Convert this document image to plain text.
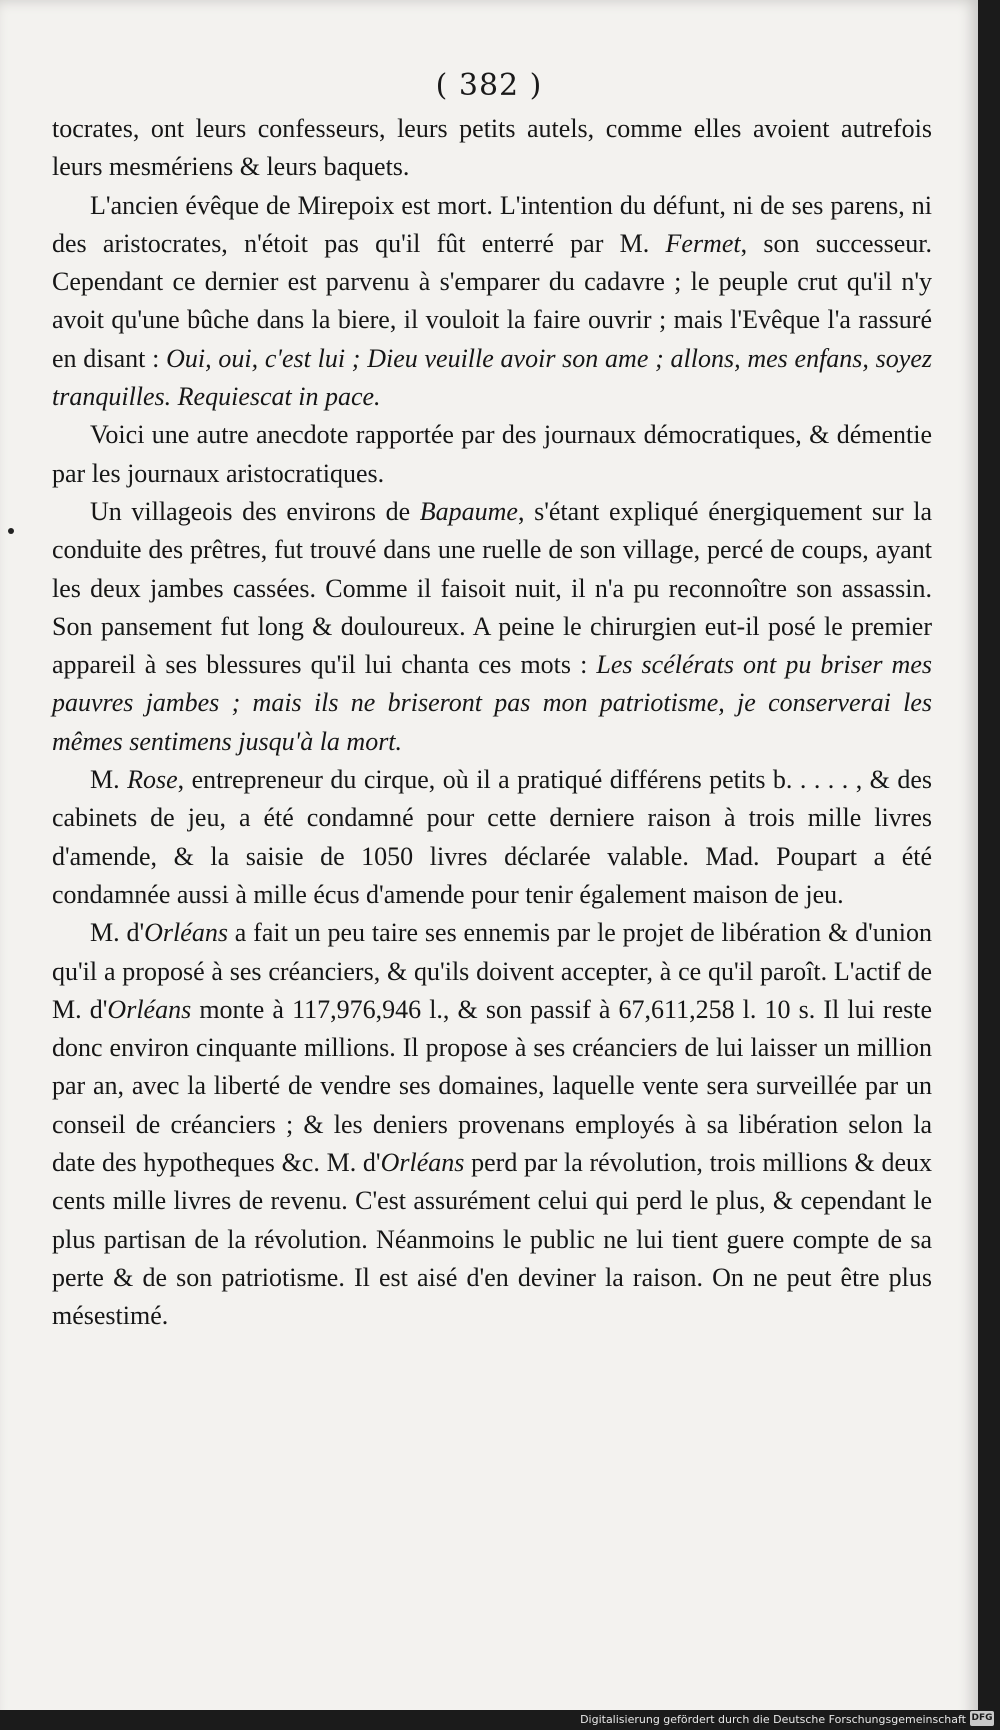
( 382 )

tocrates, ont leurs confesseurs, leurs petits autels, comme elles avoient autrefois leurs mesmériens & leurs baquets.

L'ancien évêque de Mirepoix est mort. L'intention du défunt, ni de ses parens, ni des aristocrates, n'étoit pas qu'il fût enterré par M. Fermet, son successeur. Cependant ce dernier est parvenu à s'emparer du cadavre ; le peuple crut qu'il n'y avoit qu'une bûche dans la biere, il vouloit la faire ouvrir ; mais l'Evêque l'a rassuré en disant : Oui, oui, c'est lui ; Dieu veuille avoir son ame ; allons, mes enfans, soyez tranquilles. Requiescat in pace.

Voici une autre anecdote rapportée par des journaux démocratiques, & démentie par les journaux aristocratiques.

Un villageois des environs de Bapaume, s'étant expliqué énergiquement sur la conduite des prêtres, fut trouvé dans une ruelle de son village, percé de coups, ayant les deux jambes cassées. Comme il faisoit nuit, il n'a pu reconnoître son assassin. Son pansement fut long & douloureux. A peine le chirurgien eut-il posé le premier appareil à ses blessures qu'il lui chanta ces mots : Les scélérats ont pu briser mes pauvres jambes ; mais ils ne briseront pas mon patriotisme, je conserverai les mêmes sentimens jusqu'à la mort.

M. Rose, entrepreneur du cirque, où il a pratiqué différens petits b. . . . . , & des cabinets de jeu, a été condamné pour cette derniere raison à trois mille livres d'amende, & la saisie de 1050 livres déclarée valable. Mad. Poupart a été condamnée aussi à mille écus d'amende pour tenir également maison de jeu.

M. d'Orléans a fait un peu taire ses ennemis par le projet de libération & d'union qu'il a proposé à ses créanciers, & qu'ils doivent accepter, à ce qu'il paroît. L'actif de M. d'Orléans monte à 117,976,946 l., & son passif à 67,611,258 l. 10 s. Il lui reste donc environ cinquante millions. Il propose à ses créanciers de lui laisser un million par an, avec la liberté de vendre ses domaines, laquelle vente sera surveillée par un conseil de créanciers ; & les deniers provenans employés à sa libération selon la date des hypotheques &c. M. d'Orléans perd par la révolution, trois millions & deux cents mille livres de revenu. C'est assurément celui qui perd le plus, & cependant le plus partisan de la révolution. Néanmoins le public ne lui tient guere compte de sa perte & de son patriotisme. Il est aisé d'en deviner la raison. On ne peut être plus mésestimé.

Digitalisierung gefördert durch die Deutsche Forschungsgemeinschaft DFG
